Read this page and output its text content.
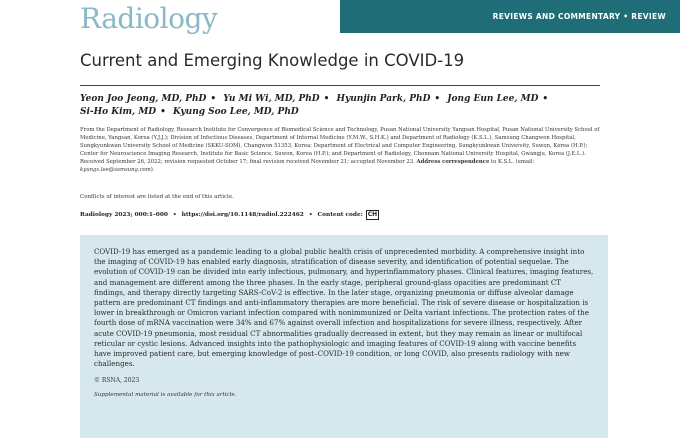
Radiology	REVIEWS AND COMMENTARY • REVIEW
Current and Emerging Knowledge in COVID-19
Yeon Joo Jeong, MD, PhD • Yu Mi Wi, MD, PhD • Hyunjin Park, PhD • Jong Eun Lee, MD •
Si-Ho Kim, MD • Kyung Soo Lee, MD, PhD
From the Department of Radiology, Research Institute for Convergence of Biomedical Science and Technology, Pusan National University Yangsan Hospital, Pusan National University School of Medicine, Yangsan, Korea (Y.J.J.); Division of Infectious Diseases, Department of Internal Medicine (Y.M.W., S.H.K.) and Department of Radiology (K.S.L.), Samsung Changwon Hospital, Sungkyunkwan University School of Medicine (SKKU-SOM), Changwon 51353, Korea; Department of Electrical and Computer Engineering, Sungkyunkwan University, Suwon, Korea (H.P.); Center for Neuroscience Imaging Research, Institute for Basic Science, Suwon, Korea (H.P.); and Department of Radiology, Chonnam National University Hospital, Gwangju, Korea (J.E.L.). Received September 26, 2022; revision requested October 17; final revision received November 21; accepted November 23. Address correspondence to K.S.L. (email: kyungs.lee@samsung.com).
Conflicts of interest are listed at the end of this article.
Radiology 2023; 000:1–000 • https://doi.org/10.1148/radiol.222462 • Content code: CH

COVID-19 has emerged as a pandemic leading to a global public health crisis of unprecedented morbidity. A comprehensive insight into the imaging of COVID-19 has enabled early diagnosis, stratification of disease severity, and identification of potential sequelae. The evolution of COVID-19 can be divided into early infectious, pulmonary, and hyperinflammatory phases. Clinical features, imaging features, and management are different among the three phases. In the early stage, peripheral ground-glass opacities are predominant CT findings, and therapy directly targeting SARS-CoV-2 is effective. In the later stage, organizing pneumonia or diffuse alveolar damage pattern are predominant CT findings and anti-inflammatory therapies are more beneficial. The risk of severe disease or hospitalization is lower in breakthrough or Omicron variant infection compared with nonimmunized or Delta variant infections. The protection rates of the fourth dose of mRNA vaccination were 34% and 67% against overall infection and hospitalizations for severe illness, respectively. After acute COVID-19 pneumonia, most residual CT abnormalities gradually decreased in extent, but they may remain as linear or multifocal reticular or cystic lesions. Advanced insights into the pathophysiologic and imaging features of COVID-19 along with vaccine benefits have improved patient care, but emerging knowledge of post–COVID-19 condition, or long COVID, also presents radiology with new challenges.

© RSNA, 2023

Supplemental material is available for this article.
